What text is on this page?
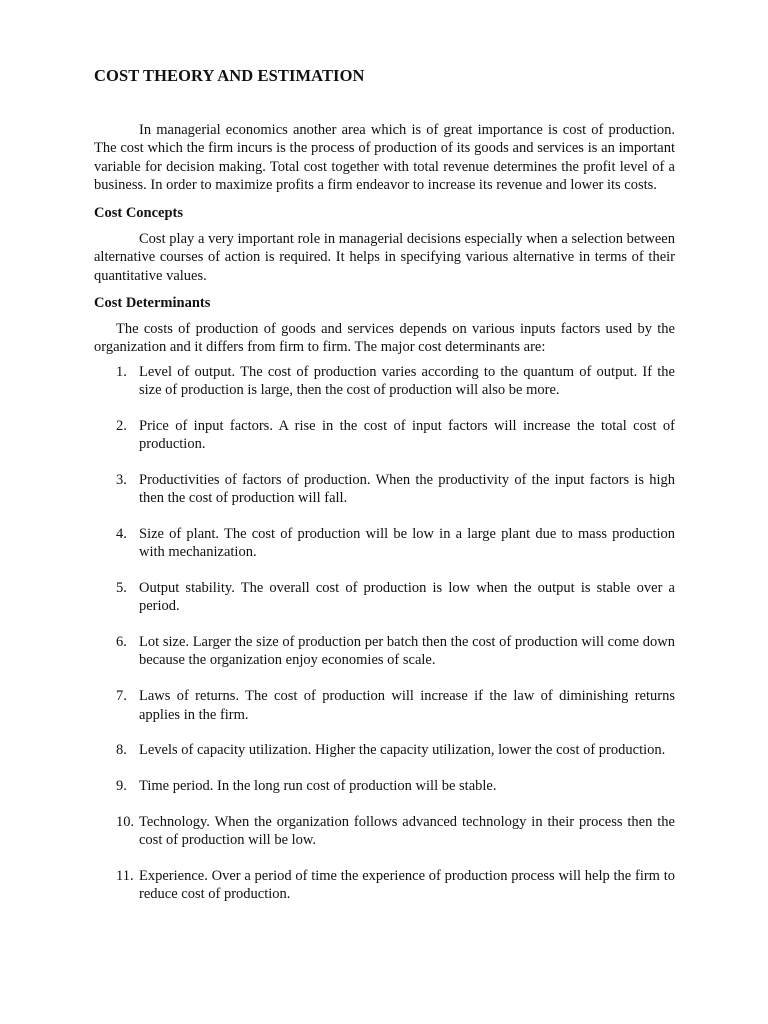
COST THEORY AND ESTIMATION

In managerial economics another area which is of great importance is cost of production. The cost which the firm incurs is the process of production of its goods and services is an important variable for decision making. Total cost together with total revenue determines the profit level of a business. In order to maximize profits a firm endeavor to increase its revenue and lower its costs.

Cost Concepts

Cost play a very important role in managerial decisions especially when a selection between alternative courses of action is required. It helps in specifying various alternative in terms of their quantitative values.

Cost Determinants

The costs of production of goods and services depends on various inputs factors used by the organization and it differs from firm to firm. The major cost determinants are:

1. Level of output. The cost of production varies according to the quantum of output. If the size of production is large, then the cost of production will also be more.
2. Price of input factors. A rise in the cost of input factors will increase the total cost of production.
3. Productivities of factors of production. When the productivity of the input factors is high then the cost of production will fall.
4. Size of plant. The cost of production will be low in a large plant due to mass production with mechanization.
5. Output stability. The overall cost of production is low when the output is stable over a period.
6. Lot size. Larger the size of production per batch then the cost of production will come down because the organization enjoy economies of scale.
7. Laws of returns. The cost of production will increase if the law of diminishing returns applies in the firm.
8. Levels of capacity utilization. Higher the capacity utilization, lower the cost of production.
9. Time period. In the long run cost of production will be stable.
10. Technology. When the organization follows advanced technology in their process then the cost of production will be low.
11. Experience. Over a period of time the experience of production process will help the firm to reduce cost of production.
